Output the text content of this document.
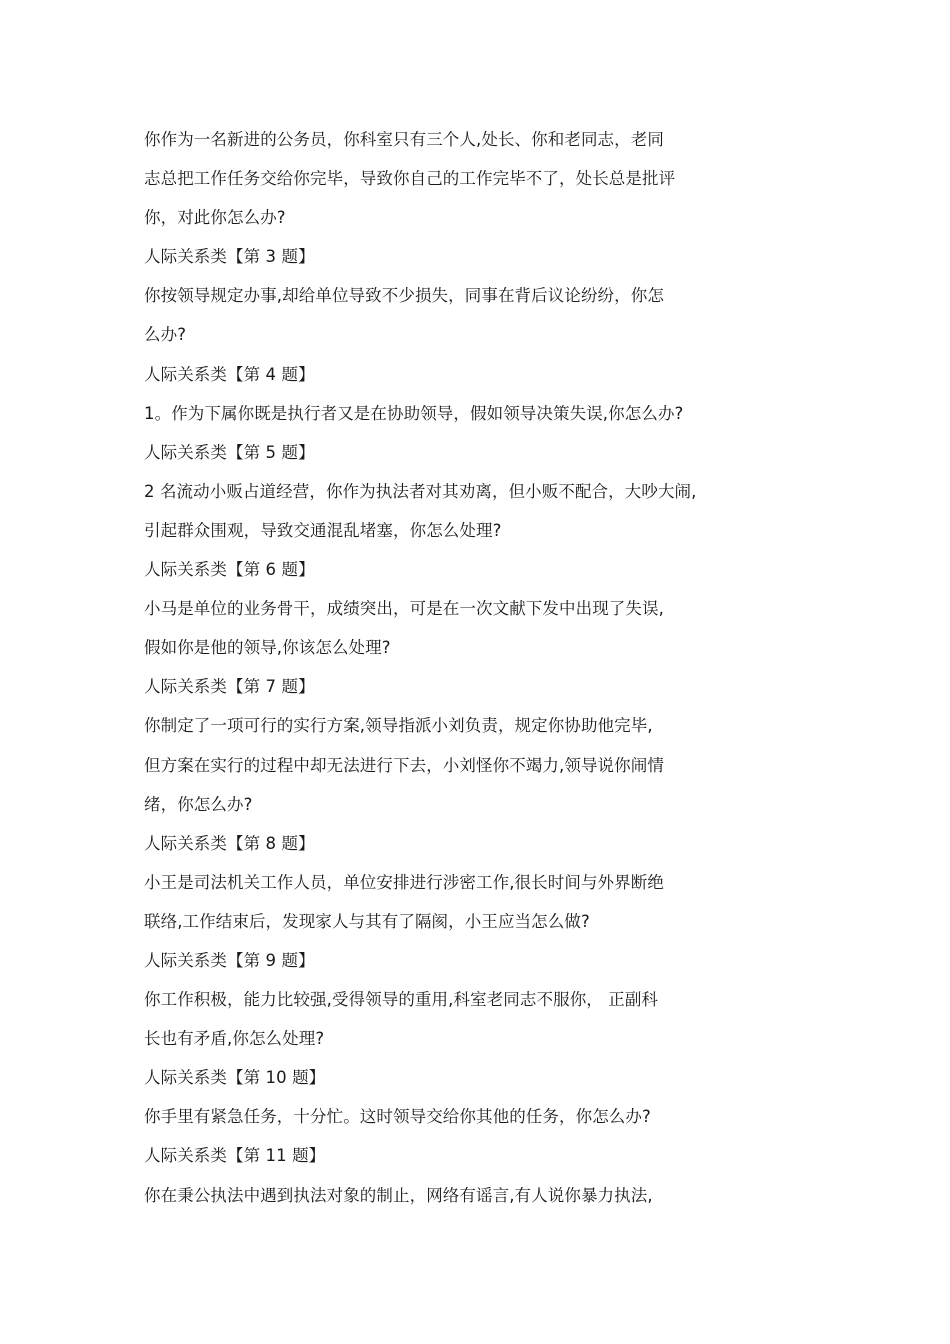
你作为一名新进的公务员，你科室只有三个人,处长、你和老同志，老同
志总把工作任务交给你完毕，导致你自己的工作完毕不了，处长总是批评
你，对此你怎么办?
人际关系类【第 3 题】
你按领导规定办事,却给单位导致不少损失，同事在背后议论纷纷，你怎
么办?
人际关系类【第 4 题】
1。作为下属你既是执行者又是在协助领导，假如领导决策失误,你怎么办?
人际关系类【第 5 题】
2 名流动小贩占道经营，你作为执法者对其劝离，但小贩不配合，大吵大闹,
引起群众围观，导致交通混乱堵塞，你怎么处理?
人际关系类【第 6 题】
小马是单位的业务骨干，成绩突出，可是在一次文献下发中出现了失误,
假如你是他的领导,你该怎么处理?
人际关系类【第 7 题】
你制定了一项可行的实行方案,领导指派小刘负责，规定你协助他完毕,
但方案在实行的过程中却无法进行下去，小刘怪你不竭力,领导说你闹情
绪，你怎么办?
人际关系类【第 8 题】
小王是司法机关工作人员，单位安排进行涉密工作,很长时间与外界断绝
联络,工作结束后，发现家人与其有了隔阂，小王应当怎么做?
人际关系类【第 9 题】
你工作积极，能力比较强,受得领导的重用,科室老同志不服你， 正副科
长也有矛盾,你怎么处理?
人际关系类【第 10 题】
你手里有紧急任务，十分忙。这时领导交给你其他的任务，你怎么办?
人际关系类【第 11 题】
你在秉公执法中遇到执法对象的制止，网络有谣言,有人说你暴力执法,
